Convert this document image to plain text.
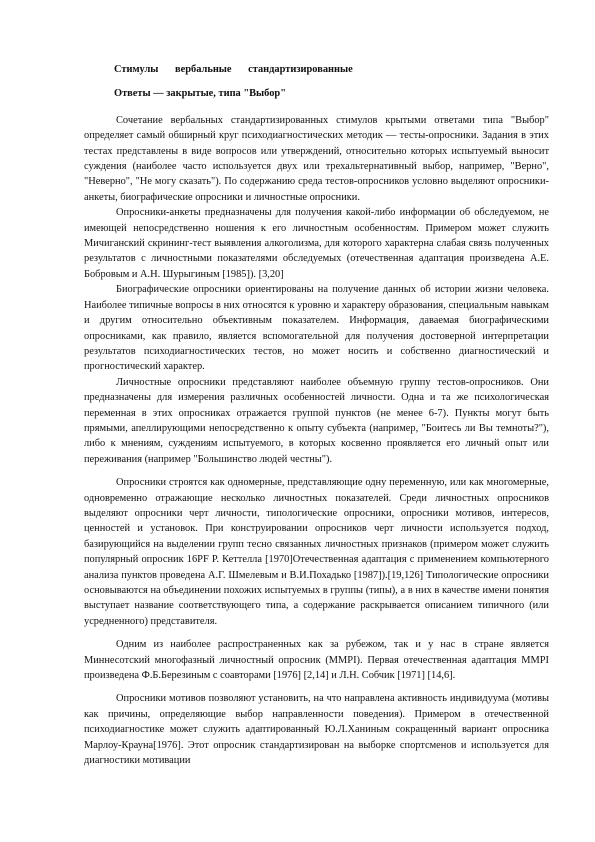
Стимулы вербальные стандартизированные
Ответы — закрытые, типа "Выбор"

Сочетание вербальных стандартизированных стимулов крытыми ответами типа "Выбор" определяет самый обширный круг психодиагностических методик — тесты-опросники. Задания в этих тестах представлены в виде вопросов или утверждений, относительно которых испытуемый выносит суждения (наиболее часто используется двух или трехальтернативный выбор, например, "Верно", "Неверно", "Не могу сказать"). По содержанию среда тестов-опросников условно выделяют опросники-анкеты, биографические опросники и личностные опросники.

Опросники-анкеты предназначены для получения какой-либо информации об обследуемом, не имеющей непосредственно ношения к его личностным особенностям. Примером может служить Мичиганский скрининг-тест выявления алкоголизма, для которого характерна слабая связь полученных результатов с личностными показателями обследуемых (отечественная адаптация произведена А.Е. Бобровым и А.Н. Шурыгиным [1985]). [3,20]

Биографические опросники ориентированы на получение данных об истории жизни человека. Наиболее типичные вопросы в них относятся к уровню и характеру образования, специальным навыкам и другим относительно объективным показателем. Информация, даваемая биографическими опросниками, как правило, является вспомогательной для получения достоверной интерпретации результатов психодиагностических тестов, но может носить и собственно диагностический и прогностический характер.

Личностные опросники представляют наиболее объемную группу тестов-опросников. Они предназначены для измерения различных особенностей личности. Одна и та же психологическая переменная в этих опросниках отражается группой пунктов (не менее 6-7). Пункты могут быть прямыми, апеллирующими непосредственно к опыту субъекта (например, "Боитесь ли Вы темноты?"), либо к мнениям, суждениям испытуемого, в которых косвенно проявляется его личный опыт или переживания (например "Большинство людей честны").

Опросники строятся как одномерные, представляющие одну переменную, или как многомерные, одновременно отражающие несколько личностных показателей. Среди личностных опросников выделяют опросники черт личности, типологические опросники, опросники мотивов, интересов, ценностей и установок. При конструировании опросников черт личности используется подход, базирующийся на выделении групп тесно связанных личностных признаков (примером может служить популярный опросник 16PF Р. Кеттелла [1970]Отечественная адаптация с применением компьютерного анализа пунктов проведена А.Г. Шмелевым и В.И.Похадько [1987]).[19,126] Типологические опросники основываются на объединении похожих испытуемых в группы (типы), а в них в качестве имени понятия выступает название соответствующего типа, а содержание раскрывается описанием типичного (или усредненного) представителя.

Одним из наиболее распространенных как за рубежом, так и у нас в стране является Миннесотский многофазный личностный опросник (ММРI). Первая отечественная адаптация ММРI произведена Ф.Б.Березиным с соавторами [1976] [2,14] и Л.Н. Собчик [1971] [14,6].

Опросники мотивов позволяют установить, на что направлена активность индивидуума (мотивы как причины, определяющие выбор направленности поведения). Примером в отечественной психодиагностике может служить адаптированный Ю.Л.Ханиным сокращенный вариант опросника Марлоу-Крауна[1976]. Этот опросник стандартизирован на выборке спортсменов и используется для диагностики мотивации
